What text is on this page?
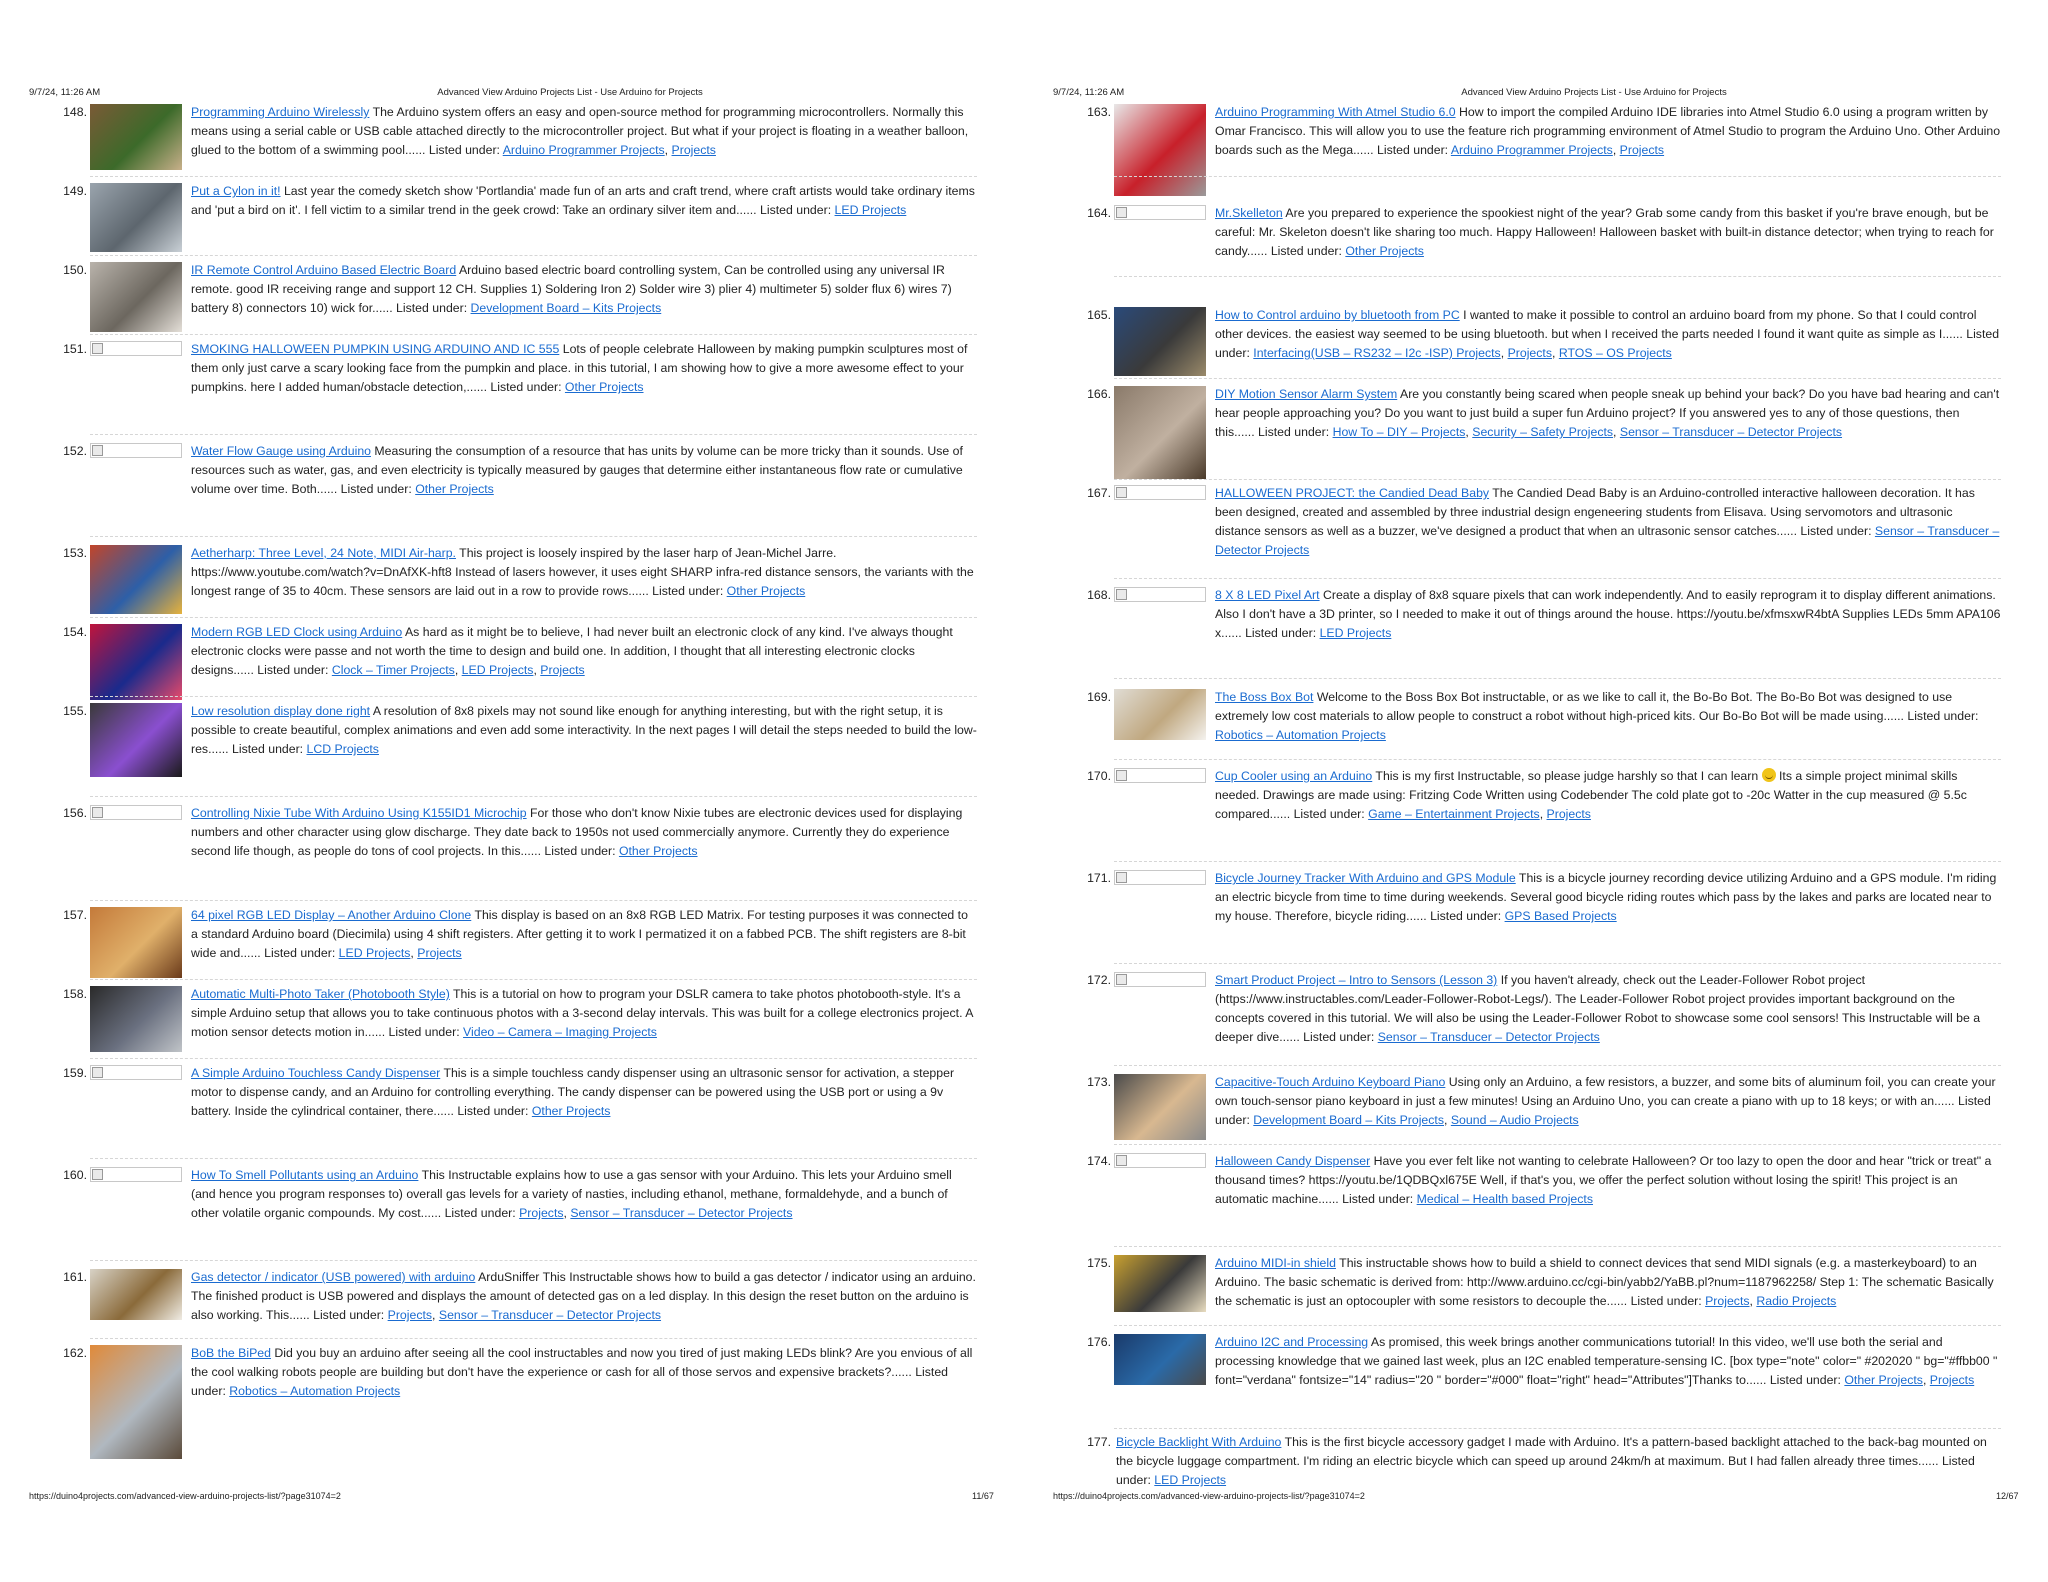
9/7/24, 11:26 AM	Advanced View Arduino Projects List - Use Arduino for Projects
148.	Programming Arduino Wirelessly The Arduino system offers an easy and open-source method for programming microcontrollers. Normally this means using a serial cable or USB cable attached directly to the microcontroller project. But what if your project is floating in a weather balloon, glued to the bottom of a swimming pool...... Listed under: Arduino Programmer Projects, Projects
149.	Put a Cylon in it! Last year the comedy sketch show 'Portlandia' made fun of an arts and craft trend, where craft artists would take ordinary items and 'put a bird on it'. I fell victim to a similar trend in the geek crowd: Take an ordinary silver item and...... Listed under: LED Projects
150.	IR Remote Control Arduino Based Electric Board Arduino based electric board controlling system, Can be controlled using any universal IR remote. good IR receiving range and support 12 CH. Supplies 1) Soldering Iron 2) Solder wire 3) plier 4) multimeter 5) solder flux 6) wires 7) battery 8) connectors 10) wick for...... Listed under: Development Board – Kits Projects
151.	SMOKING HALLOWEEN PUMPKIN USING ARDUINO AND IC 555 Lots of people celebrate Halloween by making pumpkin sculptures most of them only just carve a scary looking face from the pumpkin and place. in this tutorial, I am showing how to give a more awesome effect to your pumpkins. here I added human/obstacle detection,...... Listed under: Other Projects
152.	Water Flow Gauge using Arduino Measuring the consumption of a resource that has units by volume can be more tricky than it sounds. Use of resources such as water, gas, and even electricity is typically measured by gauges that determine either instantaneous flow rate or cumulative volume over time. Both...... Listed under: Other Projects
153.	Aetherharp: Three Level, 24 Note, MIDI Air-harp. This project is loosely inspired by the laser harp of Jean-Michel Jarre. https://www.youtube.com/watch?v=DnAfXK-hft8 Instead of lasers however, it uses eight SHARP infra-red distance sensors, the variants with the longest range of 35 to 40cm. These sensors are laid out in a row to provide rows...... Listed under: Other Projects
154.	Modern RGB LED Clock using Arduino As hard as it might be to believe, I had never built an electronic clock of any kind. I've always thought electronic clocks were passe and not worth the time to design and build one. In addition, I thought that all interesting electronic clocks designs...... Listed under: Clock – Timer Projects, LED Projects, Projects
155.	Low resolution display done right A resolution of 8x8 pixels may not sound like enough for anything interesting, but with the right setup, it is possible to create beautiful, complex animations and even add some interactivity. In the next pages I will detail the steps needed to build the low-res...... Listed under: LCD Projects
156.	Controlling Nixie Tube With Arduino Using K155ID1 Microchip For those who don't know Nixie tubes are electronic devices used for displaying numbers and other character using glow discharge. They date back to 1950s not used commercially anymore. Currently they do experience second life though, as people do tons of cool projects. In this...... Listed under: Other Projects
157.	64 pixel RGB LED Display – Another Arduino Clone This display is based on an 8x8 RGB LED Matrix. For testing purposes it was connected to a standard Arduino board (Diecimila) using 4 shift registers. After getting it to work I permatized it on a fabbed PCB. The shift registers are 8-bit wide and...... Listed under: LED Projects, Projects
158.	Automatic Multi-Photo Taker (Photobooth Style) This is a tutorial on how to program your DSLR camera to take photos photobooth-style. It's a simple Arduino setup that allows you to take continuous photos with a 3-second delay intervals. This was built for a college electronics project. A motion sensor detects motion in...... Listed under: Video – Camera – Imaging Projects
159.	A Simple Arduino Touchless Candy Dispenser This is a simple touchless candy dispenser using an ultrasonic sensor for activation, a stepper motor to dispense candy, and an Arduino for controlling everything. The candy dispenser can be powered using the USB port or using a 9v battery. Inside the cylindrical container, there...... Listed under: Other Projects
160.	How To Smell Pollutants using an Arduino This Instructable explains how to use a gas sensor with your Arduino. This lets your Arduino smell (and hence you program responses to) overall gas levels for a variety of nasties, including ethanol, methane, formaldehyde, and a bunch of other volatile organic compounds. My cost...... Listed under: Projects, Sensor – Transducer – Detector Projects
161.	Gas detector / indicator (USB powered) with arduino ArduSniffer This Instructable shows how to build a gas detector / indicator using an arduino. The finished product is USB powered and displays the amount of detected gas on a led display. In this design the reset button on the arduino is also working. This...... Listed under: Projects, Sensor – Transducer – Detector Projects
162.	BoB the BiPed Did you buy an arduino after seeing all the cool instructables and now you tired of just making LEDs blink? Are you envious of all the cool walking robots people are building but don't have the experience or cash for all of those servos and expensive brackets?...... Listed under: Robotics – Automation Projects
https://duino4projects.com/advanced-view-arduino-projects-list/?page31074=2	11/67
9/7/24, 11:26 AM	Advanced View Arduino Projects List - Use Arduino for Projects
163.	Arduino Programming With Atmel Studio 6.0 How to import the compiled Arduino IDE libraries into Atmel Studio 6.0 using a program written by Omar Francisco. This will allow you to use the feature rich programming environment of Atmel Studio to program the Arduino Uno. Other Arduino boards such as the Mega...... Listed under: Arduino Programmer Projects, Projects
164.	Mr.Skelleton Are you prepared to experience the spookiest night of the year? Grab some candy from this basket if you're brave enough, but be careful: Mr. Skeleton doesn't like sharing too much. Happy Halloween! Halloween basket with built-in distance detector; when trying to reach for candy...... Listed under: Other Projects
165.	How to Control arduino by bluetooth from PC I wanted to make it possible to control an arduino board from my phone. So that I could control other devices. the easiest way seemed to be using bluetooth. but when I received the parts needed I found it want quite as simple as I...... Listed under: Interfacing(USB – RS232 – I2c -ISP) Projects, Projects, RTOS – OS Projects
166.	DIY Motion Sensor Alarm System Are you constantly being scared when people sneak up behind your back? Do you have bad hearing and can't hear people approaching you? Do you want to just build a super fun Arduino project? If you answered yes to any of those questions, then this...... Listed under: How To – DIY – Projects, Security – Safety Projects, Sensor – Transducer – Detector Projects
167.	HALLOWEEN PROJECT: the Candied Dead Baby The Candied Dead Baby is an Arduino-controlled interactive halloween decoration. It has been designed, created and assembled by three industrial design engeneering students from Elisava. Using servomotors and ultrasonic distance sensors as well as a buzzer, we've designed a product that when an ultrasonic sensor catches...... Listed under: Sensor – Transducer – Detector Projects
168.	8 X 8 LED Pixel Art Create a display of 8x8 square pixels that can work independently. And to easily reprogram it to display different animations. Also I don't have a 3D printer, so I needed to make it out of things around the house. https://youtu.be/xfmsxwR4btA Supplies LEDs 5mm APA106 x...... Listed under: LED Projects
169.	The Boss Box Bot Welcome to the Boss Box Bot instructable, or as we like to call it, the Bo-Bo Bot. The Bo-Bo Bot was designed to use extremely low cost materials to allow people to construct a robot without high-priced kits. Our Bo-Bo Bot will be made using...... Listed under: Robotics – Automation Projects
170.	Cup Cooler using an Arduino This is my first Instructable, so please judge harshly so that I can learn  Its a simple project minimal skills needed. Drawings are made using: Fritzing Code Written using Codebender The cold plate got to -20c Watter in the cup measured @ 5.5c compared...... Listed under: Game – Entertainment Projects, Projects
171.	Bicycle Journey Tracker With Arduino and GPS Module This is a bicycle journey recording device utilizing Arduino and a GPS module. I'm riding an electric bicycle from time to time during weekends. Several good bicycle riding routes which pass by the lakes and parks are located near to my house. Therefore, bicycle riding...... Listed under: GPS Based Projects
172.	Smart Product Project – Intro to Sensors (Lesson 3) If you haven't already, check out the Leader-Follower Robot project (https://www.instructables.com/Leader-Follower-Robot-Legs/). The Leader-Follower Robot project provides important background on the concepts covered in this tutorial. We will also be using the Leader-Follower Robot to showcase some cool sensors! This Instructable will be a deeper dive...... Listed under: Sensor – Transducer – Detector Projects
173.	Capacitive-Touch Arduino Keyboard Piano Using only an Arduino, a few resistors, a buzzer, and some bits of aluminum foil, you can create your own touch-sensor piano keyboard in just a few minutes! Using an Arduino Uno, you can create a piano with up to 18 keys; or with an...... Listed under: Development Board – Kits Projects, Sound – Audio Projects
174.	Halloween Candy Dispenser Have you ever felt like not wanting to celebrate Halloween? Or too lazy to open the door and hear "trick or treat" a thousand times? https://youtu.be/1QDBQxl675E Well, if that's you, we offer the perfect solution without losing the spirit! This project is an automatic machine...... Listed under: Medical – Health based Projects
175.	Arduino MIDI-in shield This instructable shows how to build a shield to connect devices that send MIDI signals (e.g. a masterkeyboard) to an Arduino. The basic schematic is derived from: http://www.arduino.cc/cgi-bin/yabb2/YaBB.pl?num=1187962258/ Step 1: The schematic Basically the schematic is just an optocoupler with some resistors to decouple the...... Listed under: Projects, Radio Projects
176.	Arduino I2C and Processing As promised, this week brings another communications tutorial! In this video, we'll use both the serial and processing knowledge that we gained last week, plus an I2C enabled temperature-sensing IC. [box type="note" color=" #202020 " bg="#ffbb00 " font="verdana" fontsize="14" radius="20 " border="#000" float="right" head="Attributes"]Thanks to...... Listed under: Other Projects, Projects
177. Bicycle Backlight With Arduino This is the first bicycle accessory gadget I made with Arduino. It's a pattern-based backlight attached to the back-bag mounted on the bicycle luggage compartment. I'm riding an electric bicycle which can speed up around 24km/h at maximum. But I had fallen already three times...... Listed under: LED Projects
https://duino4projects.com/advanced-view-arduino-projects-list/?page31074=2	12/67
